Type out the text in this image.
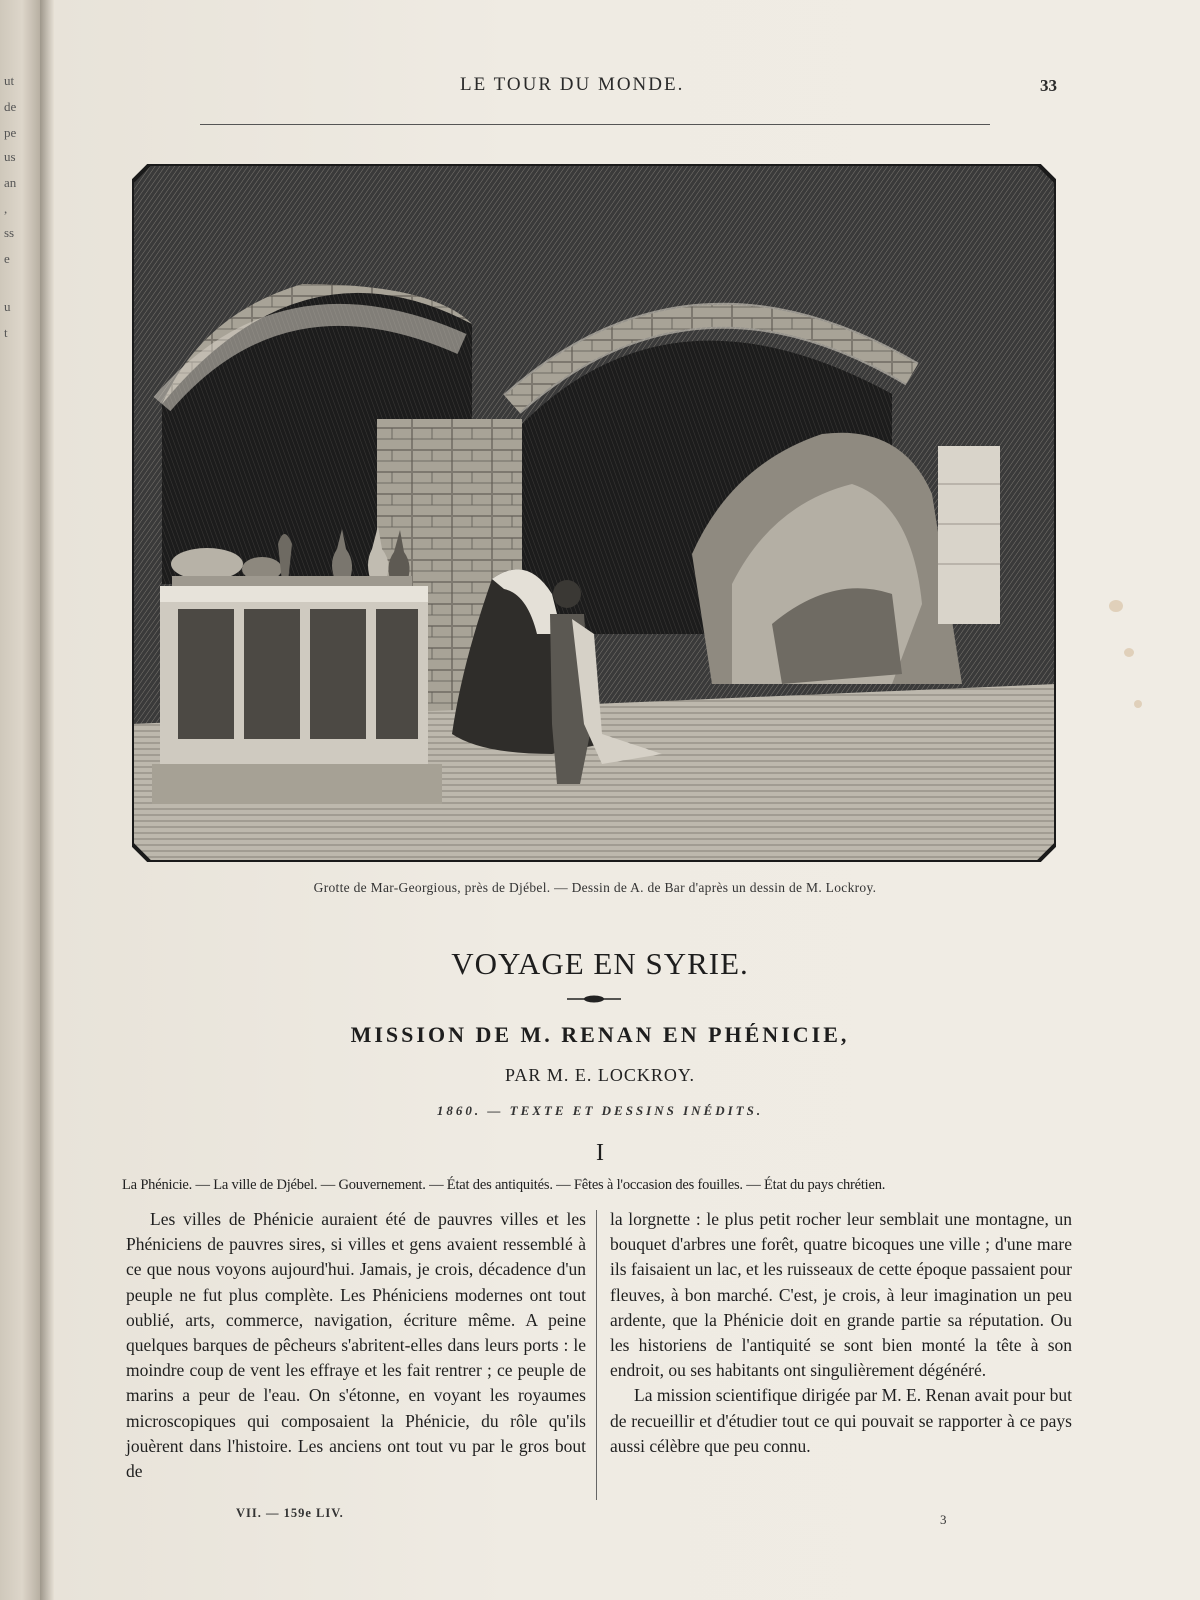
ut
de
pe
us
an
,
ss
e
u
t
LE TOUR DU MONDE.	33
Grotte de Mar-Georgious, près de Djébel. — Dessin de A. de Bar d'après un dessin de M. Lockroy.
VOYAGE EN SYRIE.
MISSION DE M. RENAN EN PHÉNICIE,
PAR M. E. LOCKROY.
1860. — TEXTE ET DESSINS INÉDITS.
I
La Phénicie. — La ville de Djébel. — Gouvernement. — État des antiquités. — Fêtes à l'occasion des fouilles. — État du pays chrétien.

Les villes de Phénicie auraient été de pauvres villes et les Phéniciens de pauvres sires, si villes et gens avaient ressemblé à ce que nous voyons aujourd'hui. Jamais, je crois, décadence d'un peuple ne fut plus complète. Les Phéniciens modernes ont tout oublié, arts, commerce, navigation, écriture même. A peine quelques barques de pêcheurs s'abritent-elles dans leurs ports : le moindre coup de vent les effraye et les fait rentrer ; ce peuple de marins a peur de l'eau. On s'étonne, en voyant les royaumes microscopiques qui composaient la Phénicie, du rôle qu'ils jouèrent dans l'histoire. Les anciens ont tout vu par le gros bout de

la lorgnette : le plus petit rocher leur semblait une montagne, un bouquet d'arbres une forêt, quatre bicoques une ville ; d'une mare ils faisaient un lac, et les ruisseaux de cette époque passaient pour fleuves, à bon marché. C'est, je crois, à leur imagination un peu ardente, que la Phénicie doit en grande partie sa réputation. Ou les historiens de l'antiquité se sont bien monté la tête à son endroit, ou ses habitants ont singulièrement dégénéré.

La mission scientifique dirigée par M. E. Renan avait pour but de recueillir et d'étudier tout ce qui pouvait se rapporter à ce pays aussi célèbre que peu connu.

VII. — 159e LIV.	3
